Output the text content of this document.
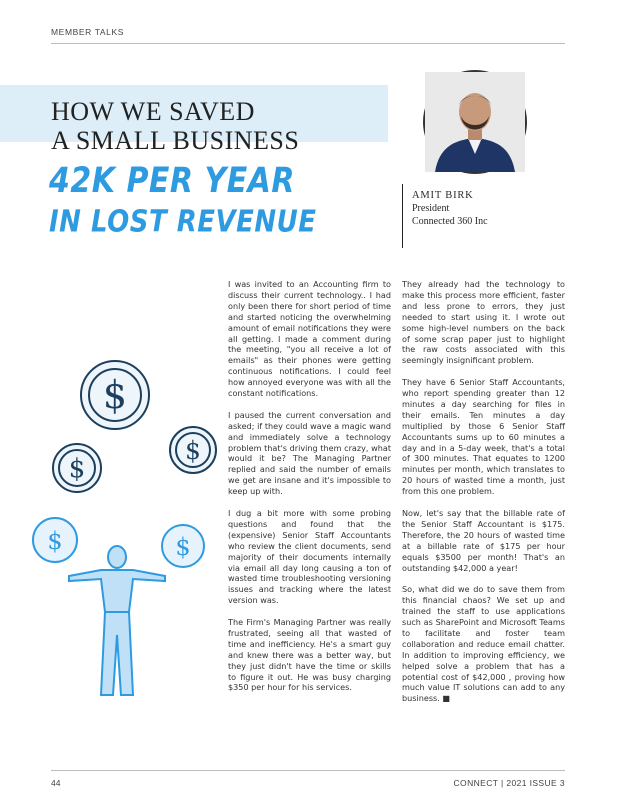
MEMBER TALKS
HOW WE SAVED
A SMALL BUSINESS
42K PER YEAR
IN LOST REVENUE
AMIT BIRK
President
Connected 360 Inc
$
$
$
$	$

I was invited to an Accounting firm to discuss their current technology.. I had only been there for short period of time and started noticing the overwhelming amount of email notifications they were all getting. I made a comment during the meeting, "you all receive a lot of emails" as their phones were getting continuous notifications. I could feel how annoyed everyone was with all the constant notifications.

I paused the current conversation and asked; if they could wave a magic wand and immediately solve a technology problem that's driving them crazy, what would it be? The Managing Partner replied and said the number of emails we get are insane and it's impossible to keep up with.

I dug a bit more with some probing questions and found that the (expensive) Senior Staff Accountants who review the client documents, send majority of their documents internally via email all day long causing a ton of wasted time troubleshooting versioning issues and tracking where the latest version was.

The Firm's Managing Partner was really frustrated, seeing all that wasted of time and inefficiency. He's a smart guy and knew there was a better way, but they just didn't have the time or skills to figure it out. He was busy charging $350 per hour for his services.

They already had the technology to make this process more efficient, faster and less prone to errors, they just needed to start using it. I wrote out some high-level numbers on the back of some scrap paper just to highlight the raw costs associated with this seemingly insignificant problem.

They have 6 Senior Staff Accountants, who report spending greater than 12 minutes a day searching for files in their emails. Ten minutes a day multiplied by those 6 Senior Staff Accountants sums up to 60 minutes a day and in a 5-day week, that's a total of 300 minutes. That equates to 1200 minutes per month, which translates to 20 hours of wasted time a month, just from this one problem.

Now, let's say that the billable rate of the Senior Staff Accountant is $175. Therefore, the 20 hours of wasted time at a billable rate of $175 per hour equals $3500 per month! That's an outstanding $42,000 a year!

So, what did we do to save them from this financial chaos? We set up and trained the staff to use applications such as SharePoint and Microsoft Teams to facilitate and foster team collaboration and reduce email chatter. In addition to improving efficiency, we helped solve a problem that has a potential cost of $42,000 , proving how much value IT solutions can add to any business. ■

44	CONNECT | 2021 ISSUE 3
